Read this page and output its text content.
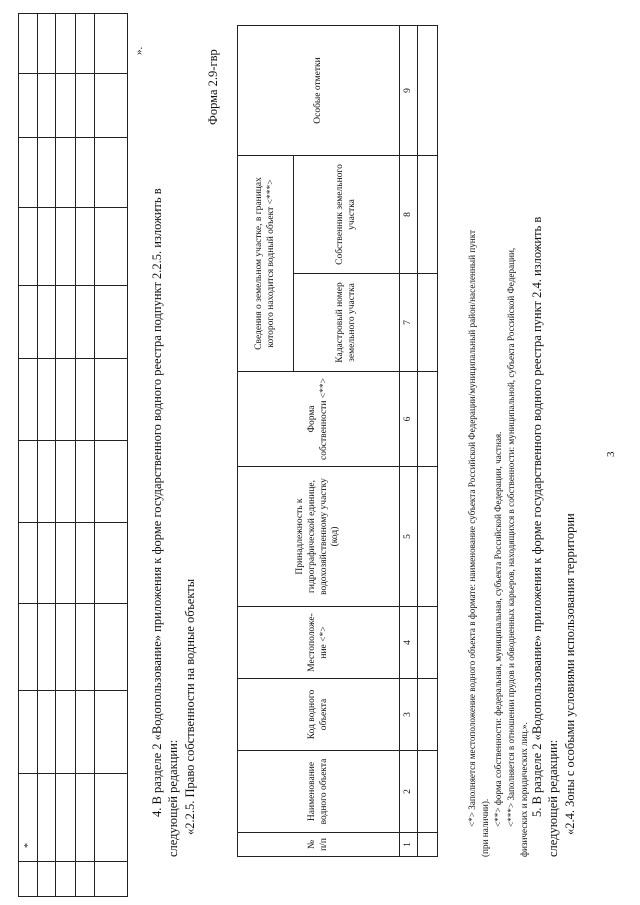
3
*
».
4. В разделе 2 «Водопользование» приложения к форме государственного водного реестра подпункт 2.2.5. изложить в следующей редакции: «2.2.5. Право собственности на водные объекты
Форма 2.9-гвр
№ п/п	Наименование водного объекта	Код водного объекта	Местоположе-ние <*>	Принадлежность к гидрографической единице, водохозяйственному участку (код)	Форма собственности <**>	Сведения о земельном участке, в границах которого находится водный объект <***>		Особые отметки
						Кадастровый номер земельного участка	Собственник земельного участка	
1	2	3	4	5	6	7	8	9

<*> Заполняется местоположение водного объекта в формате: наименование субъекта Российской Федерации/муниципальный район/населенный пункт
(при наличии).
<**> форма собственности: федеральная, муниципальная, субъекта Российской Федерации, частная. <***> Заполняется в отношении прудов и обводненных карьеров, находящихся в собственности: муниципальной, субъекта Российской Федерации, физических и юридических лиц.». 5. В разделе 2 «Водопользование» приложения к форме государственного водного реестра пункт 2.4. изложить в следующей редакции: «2.4. Зоны с особыми условиями использования территории
